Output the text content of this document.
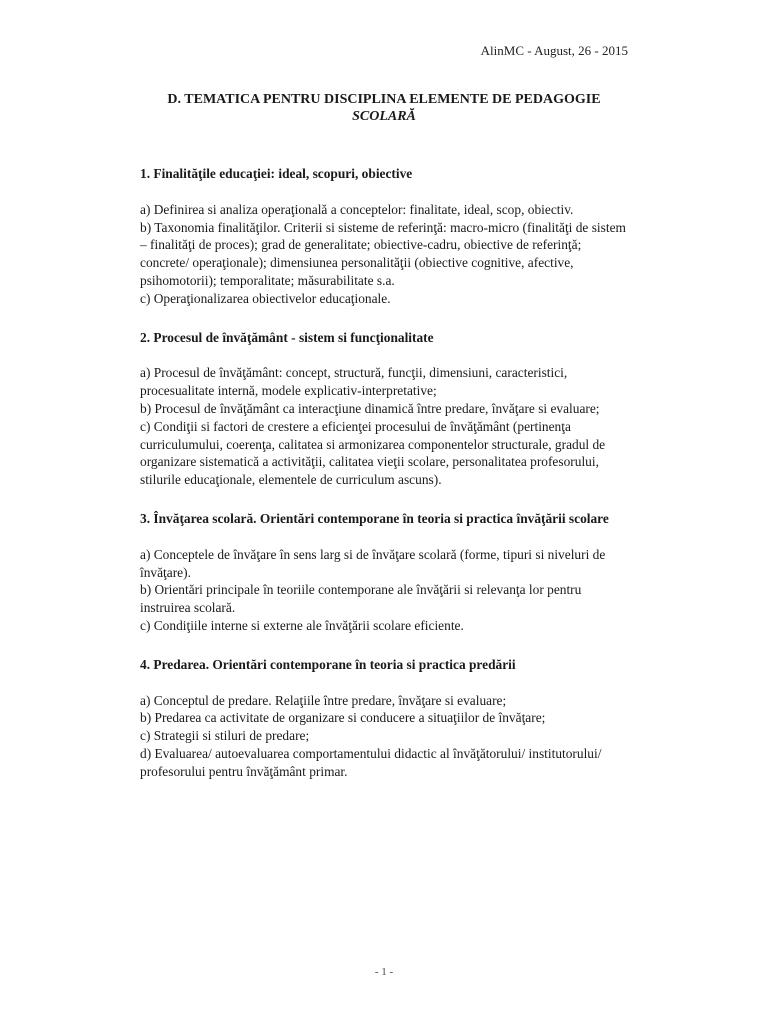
AlinMC - August, 26 - 2015
D. TEMATICA PENTRU DISCIPLINA ELEMENTE DE PEDAGOGIE
SCOLARĂ
1. Finalităţile educaţiei: ideal, scopuri, obiective

a) Definirea si analiza operaţională a conceptelor: finalitate, ideal, scop, obiectiv.

b) Taxonomia finalităţilor. Criterii si sisteme de referinţă: macro-micro (finalităţi de sistem – finalităţi de proces); grad de generalitate; obiective-cadru, obiective de referinţă; concrete/ operaţionale); dimensiunea personalităţii (obiective cognitive, afective, psihomotorii); temporalitate; măsurabilitate s.a.

c) Operaţionalizarea obiectivelor educaţionale.

2. Procesul de învăţământ - sistem si funcţionalitate

a) Procesul de învăţământ: concept, structură, funcţii, dimensiuni, caracteristici, procesualitate internă, modele explicativ-interpretative;

b) Procesul de învăţământ ca interacţiune dinamică între predare, învăţare si evaluare;

c) Condiţii si factori de crestere a eficienţei procesului de învăţământ (pertinenţa curriculumului, coerenţa, calitatea si armonizarea componentelor structurale, gradul de organizare sistematică a activităţii, calitatea vieţii scolare, personalitatea profesorului, stilurile educaţionale, elementele de curriculum ascuns).

3. Învăţarea scolară. Orientări contemporane în teoria si practica învăţării scolare

a) Conceptele de învăţare în sens larg si de învăţare scolară (forme, tipuri si niveluri de învăţare).

b) Orientări principale în teoriile contemporane ale învăţării si relevanţa lor pentru instruirea scolară.

c) Condiţiile interne si externe ale învăţării scolare eficiente.

4. Predarea. Orientări contemporane în teoria si practica predării

a) Conceptul de predare. Relaţiile între predare, învăţare si evaluare;

b) Predarea ca activitate de organizare si conducere a situaţiilor de învăţare;

c) Strategii si stiluri de predare;

d) Evaluarea/ autoevaluarea comportamentului didactic al învăţătorului/ institutorului/ profesorului pentru învăţământ primar.

- 1 -
